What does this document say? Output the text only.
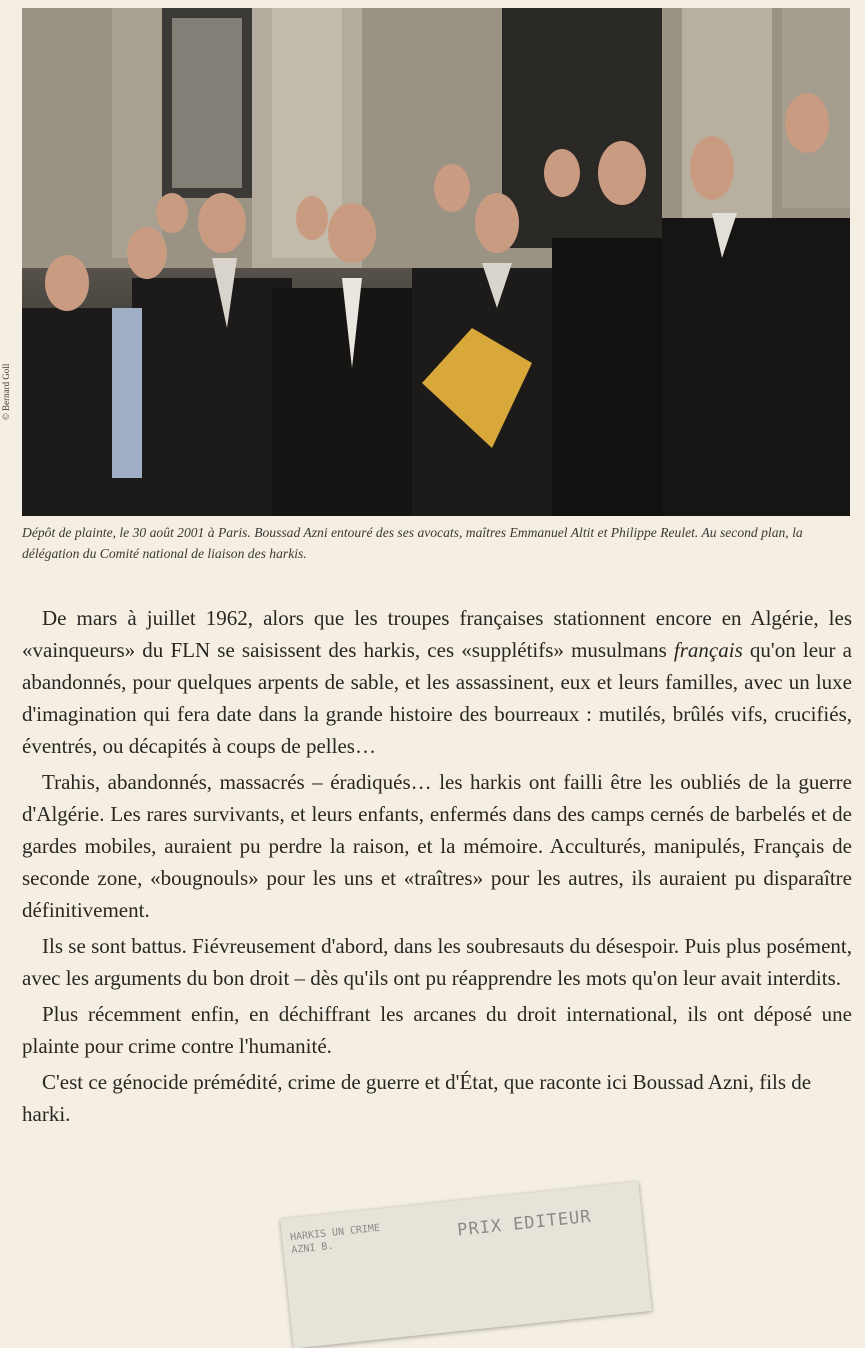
© Bernard Goll
Dépôt de plainte, le 30 août 2001 à Paris. Boussad Azni entouré des ses avocats, maîtres Emmanuel Altit et Philippe Reulet. Au second plan, la délégation du Comité national de liaison des harkis.

De mars à juillet 1962, alors que les troupes françaises stationnent encore en Algérie, les «vainqueurs» du FLN se saisissent des harkis, ces «supplétifs» musulmans français qu'on leur a abandonnés, pour quelques arpents de sable, et les assassinent, eux et leurs familles, avec un luxe d'imagination qui fera date dans la grande histoire des bourreaux : mutilés, brûlés vifs, crucifiés, éventrés, ou décapités à coups de pelles…

Trahis, abandonnés, massacrés – éradiqués… les harkis ont failli être les oubliés de la guerre d'Algérie. Les rares survivants, et leurs enfants, enfermés dans des camps cernés de barbelés et de gardes mobiles, auraient pu perdre la raison, et la mémoire. Acculturés, manipulés, Français de seconde zone, «bougnouls» pour les uns et «traîtres» pour les autres, ils auraient pu disparaître définitivement.

Ils se sont battus. Fiévreusement d'abord, dans les soubresauts du désespoir. Puis plus posément, avec les arguments du bon droit – dès qu'ils ont pu réapprendre les mots qu'on leur avait interdits.

Plus récemment enfin, en déchiffrant les arcanes du droit international, ils ont déposé une plainte pour crime contre l'humanité.

C'est ce génocide prémédité, crime de guerre et d'État, que raconte ici Boussad Azni, fils de harki.

HARKIS UN CRIME
AZNI B.
PRIX EDITEUR
